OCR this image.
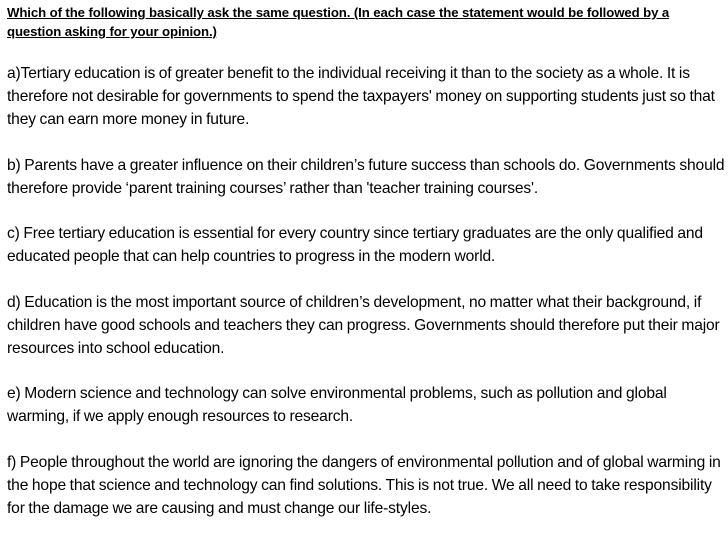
Which of the following basically ask the same question. (In each case the statement would be followed by a question asking for your opinion.)

a)Tertiary education is of greater benefit to the individual receiving it than to the society as a whole. It is therefore not desirable for governments to spend the taxpayers' money on supporting students just so that they can earn more money in future.

b) Parents have a greater influence on their children’s future success than schools do. Governments should therefore provide ‘parent training courses’ rather than 'teacher training courses'.

c) Free tertiary education is essential for every country since tertiary graduates are the only qualified and educated people that can help countries to progress in the modern world.

d) Education is the most important source of children’s development, no matter what their background, if children have good schools and teachers they can progress. Governments should therefore put their major resources into school education.

e) Modern science and technology can solve environmental problems, such as pollution and global warming, if we apply enough resources to research.

f) People throughout the world are ignoring the dangers of environmental pollution and of global warming in the hope that science and technology can find solutions. This is not true. We all need to take responsibility for the damage we are causing and must change our life-styles.
